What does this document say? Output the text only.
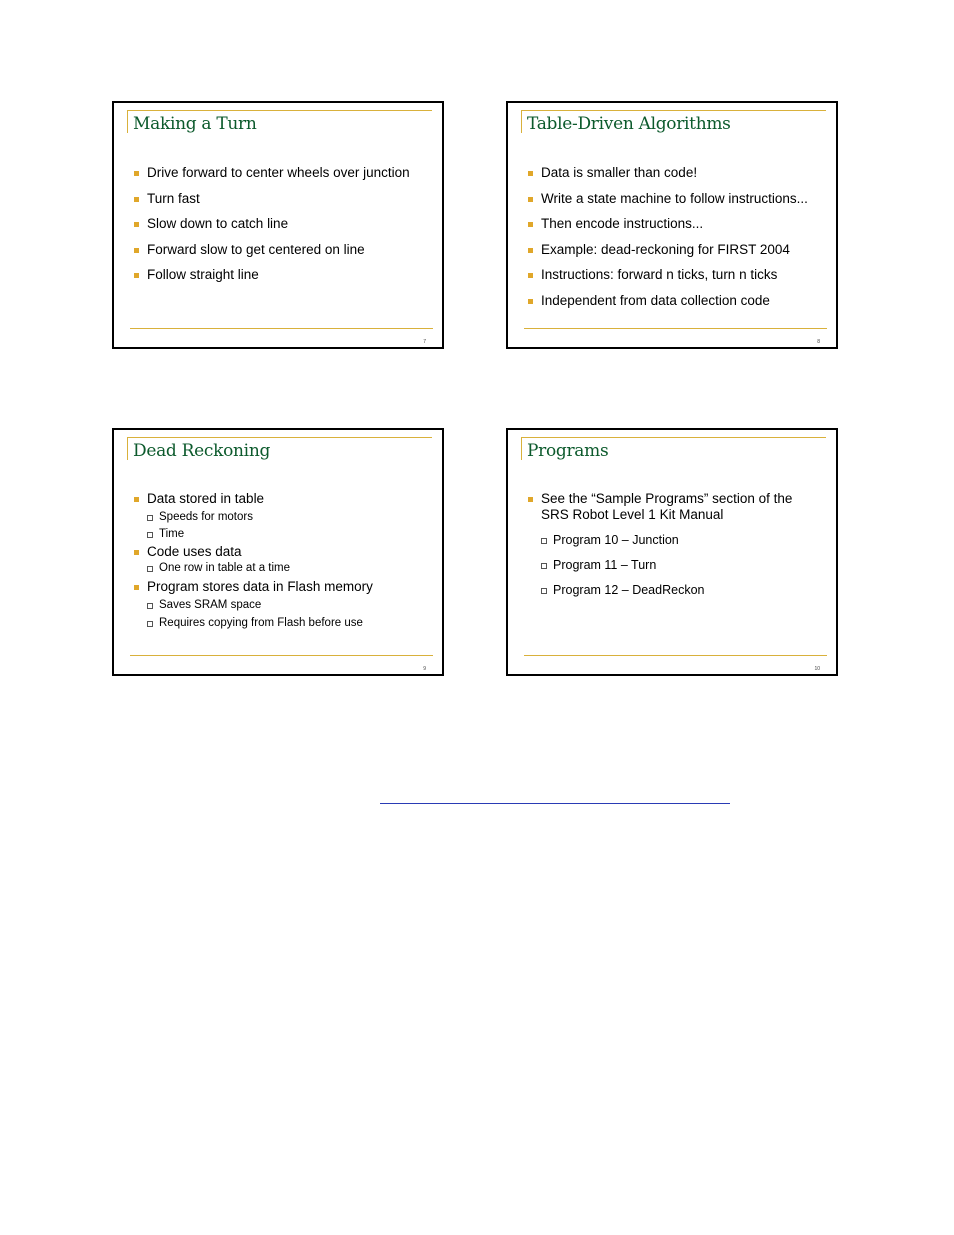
Making a Turn
Drive forward to center wheels over junction
Turn fast
Slow down to catch line
Forward slow to get centered on line
Follow straight line
7
Table-Driven Algorithms
Data is smaller than code!
Write a state machine to follow instructions...
Then encode instructions...
Example: dead-reckoning for FIRST 2004
Instructions: forward n ticks, turn n ticks
Independent from data collection code
8
Dead Reckoning
Data stored in table
Speeds for motors
Time
Code uses data
One row in table at a time
Program stores data in Flash memory
Saves SRAM space
Requires copying from Flash before use
9
Programs
See the “Sample Programs” section of the
SRS Robot Level 1 Kit Manual
Program 10 – Junction
Program 11 – Turn
Program 12 – DeadReckon
10
